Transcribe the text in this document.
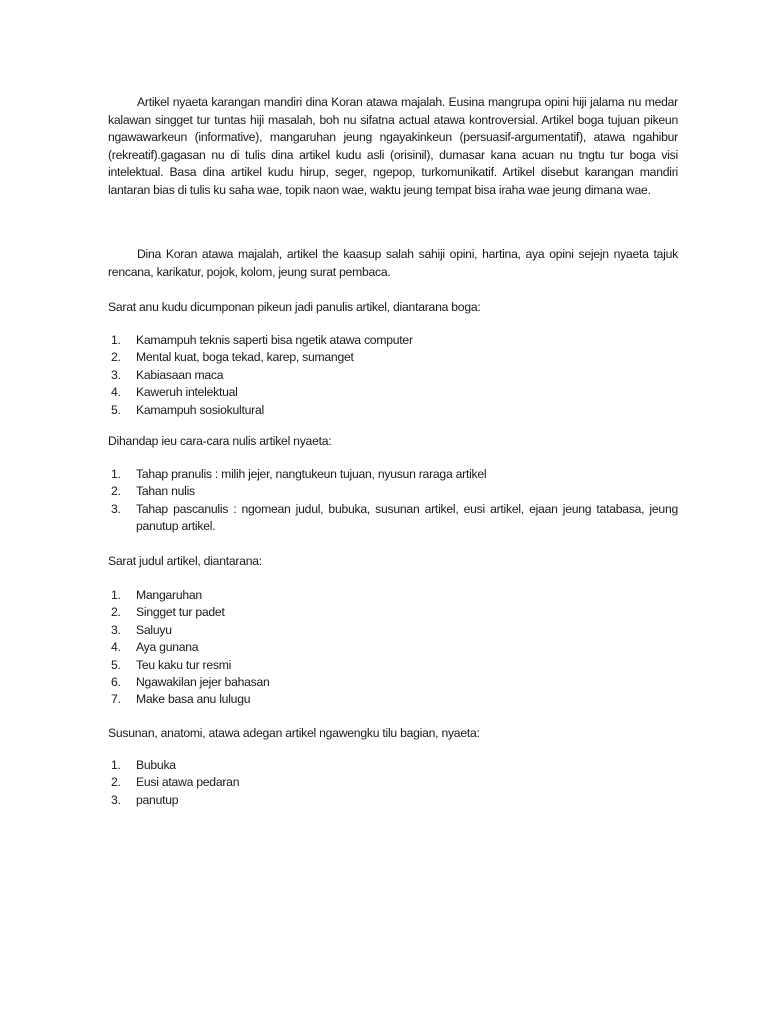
Artikel nyaeta karangan mandiri dina Koran atawa majalah. Eusina mangrupa opini hiji jalama nu medar kalawan singget tur tuntas hiji masalah, boh nu sifatna actual atawa kontroversial. Artikel boga tujuan pikeun ngawawarkeun (informative), mangaruhan jeung ngayakinkeun (persuasif-argumentatif), atawa ngahibur (rekreatif).gagasan nu di tulis dina artikel kudu asli (orisinil), dumasar kana acuan nu tngtu tur boga visi intelektual. Basa dina artikel kudu hirup, seger, ngepop, turkomunikatif. Artikel disebut karangan mandiri lantaran bias di tulis ku saha wae, topik naon wae, waktu jeung tempat bisa iraha wae jeung dimana wae.
Dina Koran atawa majalah, artikel the kaasup salah sahiji opini, hartina, aya opini sejejn nyaeta tajuk rencana, karikatur, pojok, kolom, jeung surat pembaca.
Sarat anu kudu dicumponan pikeun jadi panulis artikel, diantarana boga:
1. Kamampuh teknis saperti bisa ngetik atawa computer
2. Mental kuat, boga tekad, karep, sumanget
3. Kabiasaan maca
4. Kaweruh intelektual
5. Kamampuh sosiokultural
Dihandap ieu cara-cara nulis artikel nyaeta:
1. Tahap pranulis : milih jejer, nangtukeun tujuan, nyusun raraga artikel
2. Tahan nulis
3. Tahap pascanulis : ngomean judul, bubuka, susunan artikel, eusi artikel, ejaan jeung tatabasa, jeung panutup artikel.
Sarat judul artikel, diantarana:
1. Mangaruhan
2. Singget tur padet
3. Saluyu
4. Aya gunana
5. Teu kaku tur resmi
6. Ngawakilan jejer bahasan
7. Make basa anu lulugu
Susunan, anatomi, atawa adegan artikel ngawengku tilu bagian, nyaeta:
1. Bubuka
2. Eusi atawa pedaran
3. panutup
